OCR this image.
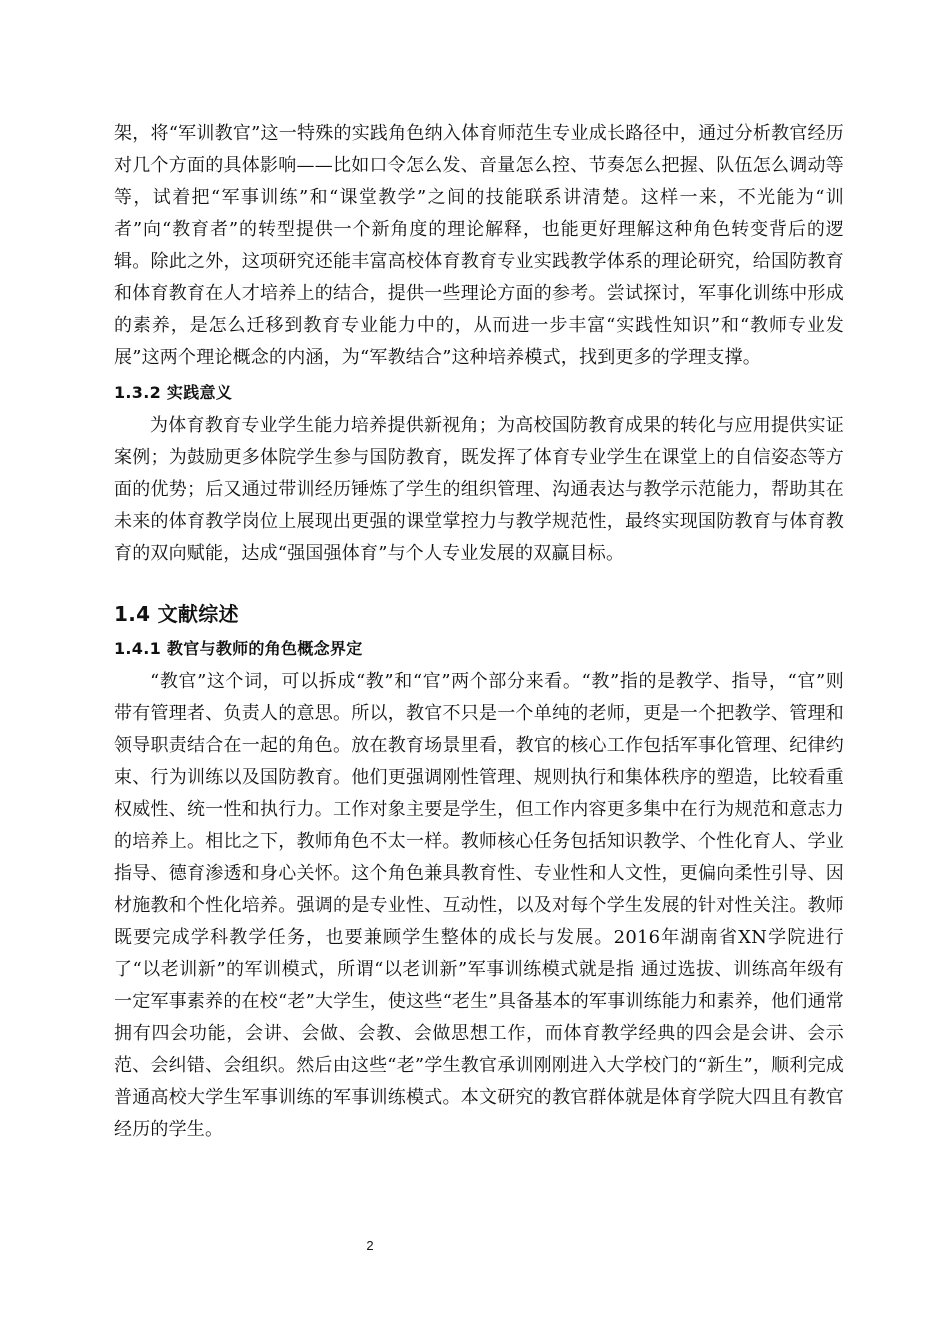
架，将“军训教官”这一特殊的实践角色纳入体育师范生专业成长路径中，通过分析教官经历对几个方面的具体影响——比如口令怎么发、音量怎么控、节奏怎么把握、队伍怎么调动等等，试着把“军事训练”和“课堂教学”之间的技能联系讲清楚。这样一来，不光能为“训者”向“教育者”的转型提供一个新角度的理论解释，也能更好理解这种角色转变背后的逻辑。除此之外，这项研究还能丰富高校体育教育专业实践教学体系的理论研究，给国防教育和体育教育在人才培养上的结合，提供一些理论方面的参考。尝试探讨，军事化训练中形成的素养，是怎么迁移到教育专业能力中的，从而进一步丰富“实践性知识”和“教师专业发展”这两个理论概念的内涵，为“军教结合”这种培养模式，找到更多的学理支撑。

1.3.2 实践意义

为体育教育专业学生能力培养提供新视角；为高校国防教育成果的转化与应用提供实证案例；为鼓励更多体院学生参与国防教育，既发挥了体育专业学生在课堂上的自信姿态等方面的优势；后又通过带训经历锤炼了学生的组织管理、沟通表达与教学示范能力，帮助其在未来的体育教学岗位上展现出更强的课堂掌控力与教学规范性，最终实现国防教育与体育教育的双向赋能，达成“强国强体育”与个人专业发展的双赢目标。

1.4 文献综述
1.4.1 教官与教师的角色概念界定

“教官”这个词，可以拆成“教”和“官”两个部分来看。“教”指的是教学、指导，“官”则带有管理者、负责人的意思。所以，教官不只是一个单纯的老师，更是一个把教学、管理和领导职责结合在一起的角色。放在教育场景里看，教官的核心工作包括军事化管理、纪律约束、行为训练以及国防教育。他们更强调刚性管理、规则执行和集体秩序的塑造，比较看重权威性、统一性和执行力。工作对象主要是学生，但工作内容更多集中在行为规范和意志力的培养上。相比之下，教师角色不太一样。教师核心任务包括知识教学、个性化育人、学业指导、德育渗透和身心关怀。这个角色兼具教育性、专业性和人文性，更偏向柔性引导、因材施教和个性化培养。强调的是专业性、互动性，以及对每个学生发展的针对性关注。教师既要完成学科教学任务，也要兼顾学生整体的成长与发展。2016年湖南省XN学院进行了“以老训新”的军训模式，所谓“以老训新”军事训练模式就是指 通过选拔、训练高年级有一定军事素养的在校“老”大学生，使这些“老生”具备基本的军事训练能力和素养，他们通常拥有四会功能，会讲、会做、会教、会做思想工作，而体育教学经典的四会是会讲、会示范、会纠错、会组织。然后由这些“老”学生教官承训刚刚进入大学校门的“新生”，顺利完成普通高校大学生军事训练的军事训练模式。本文研究的教官群体就是体育学院大四且有教官经历的学生。

2
